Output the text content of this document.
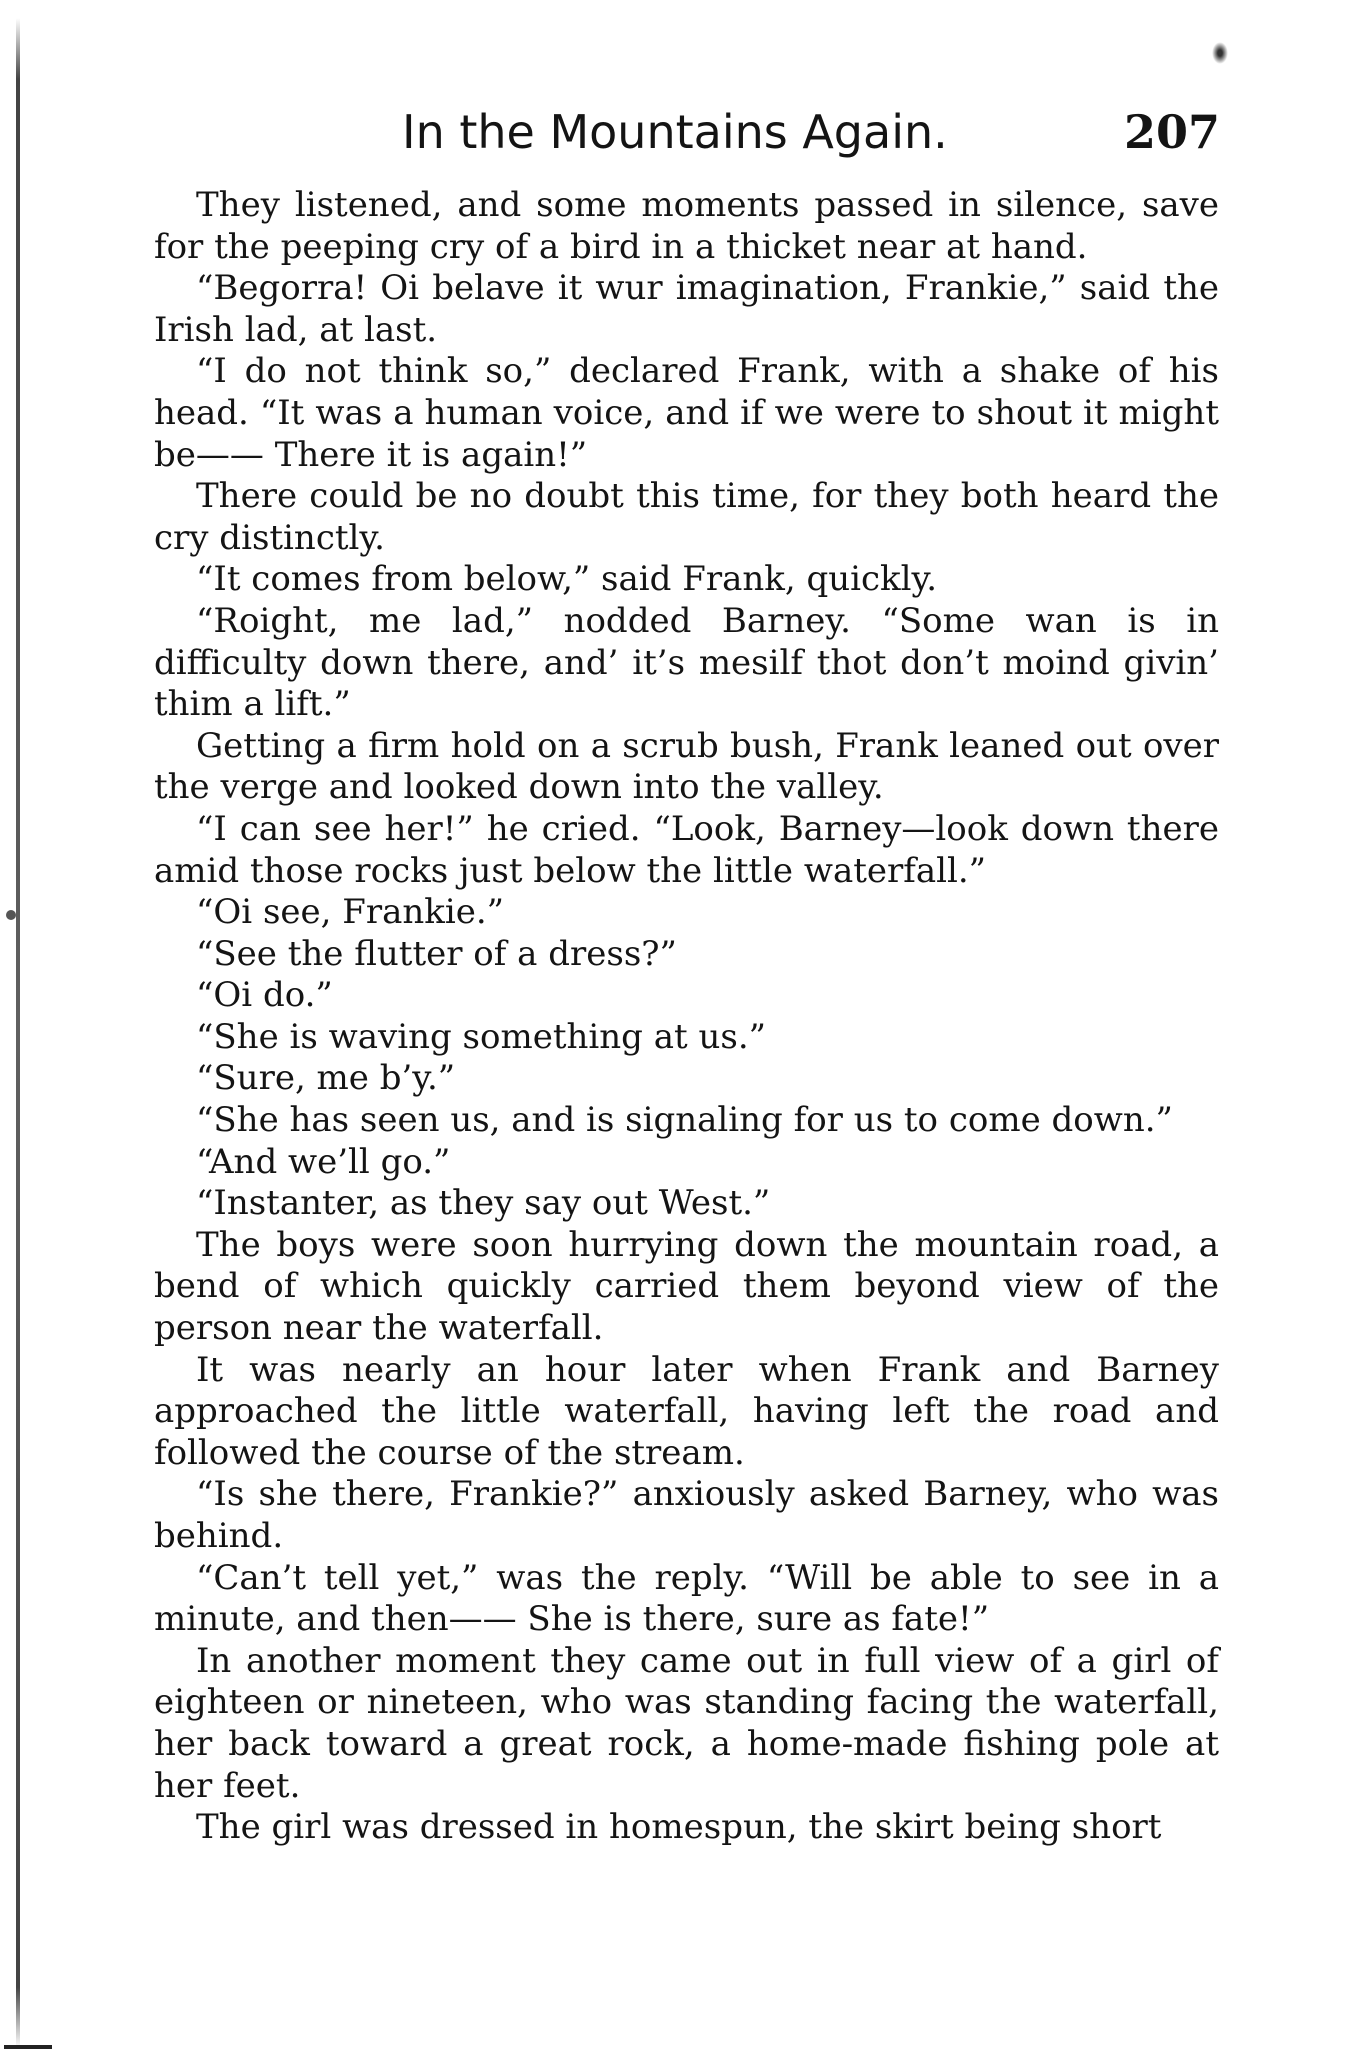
In the Mountains Again.	207

They listened, and some moments passed in silence, save for the peeping cry of a bird in a thicket near at hand.

“Begorra! Oi belave it wur imagination, Frankie,” said the Irish lad, at last.

“I do not think so,” declared Frank, with a shake of his head. “It was a human voice, and if we were to shout it might be—— There it is again!”

There could be no doubt this time, for they both heard the cry distinctly.

“It comes from below,” said Frank, quickly.

“Roight, me lad,” nodded Barney. “Some wan is in difficulty down there, and’ it’s mesilf thot don’t moind givin’ thim a lift.”

Getting a firm hold on a scrub bush, Frank leaned out over the verge and looked down into the valley.

“I can see her!” he cried. “Look, Barney—look down there amid those rocks just below the little waterfall.”

“Oi see, Frankie.”

“See the flutter of a dress?”

“Oi do.”

“She is waving something at us.”

“Sure, me b’y.”

“She has seen us, and is signaling for us to come down.”

“And we’ll go.”

“Instanter, as they say out West.”

The boys were soon hurrying down the mountain road, a bend of which quickly carried them beyond view of the person near the waterfall.

It was nearly an hour later when Frank and Barney approached the little waterfall, having left the road and followed the course of the stream.

“Is she there, Frankie?” anxiously asked Barney, who was behind.

“Can’t tell yet,” was the reply. “Will be able to see in a minute, and then—— She is there, sure as fate!”

In another moment they came out in full view of a girl of eighteen or nineteen, who was standing facing the waterfall, her back toward a great rock, a home-made fishing pole at her feet.

The girl was dressed in homespun, the skirt being short
